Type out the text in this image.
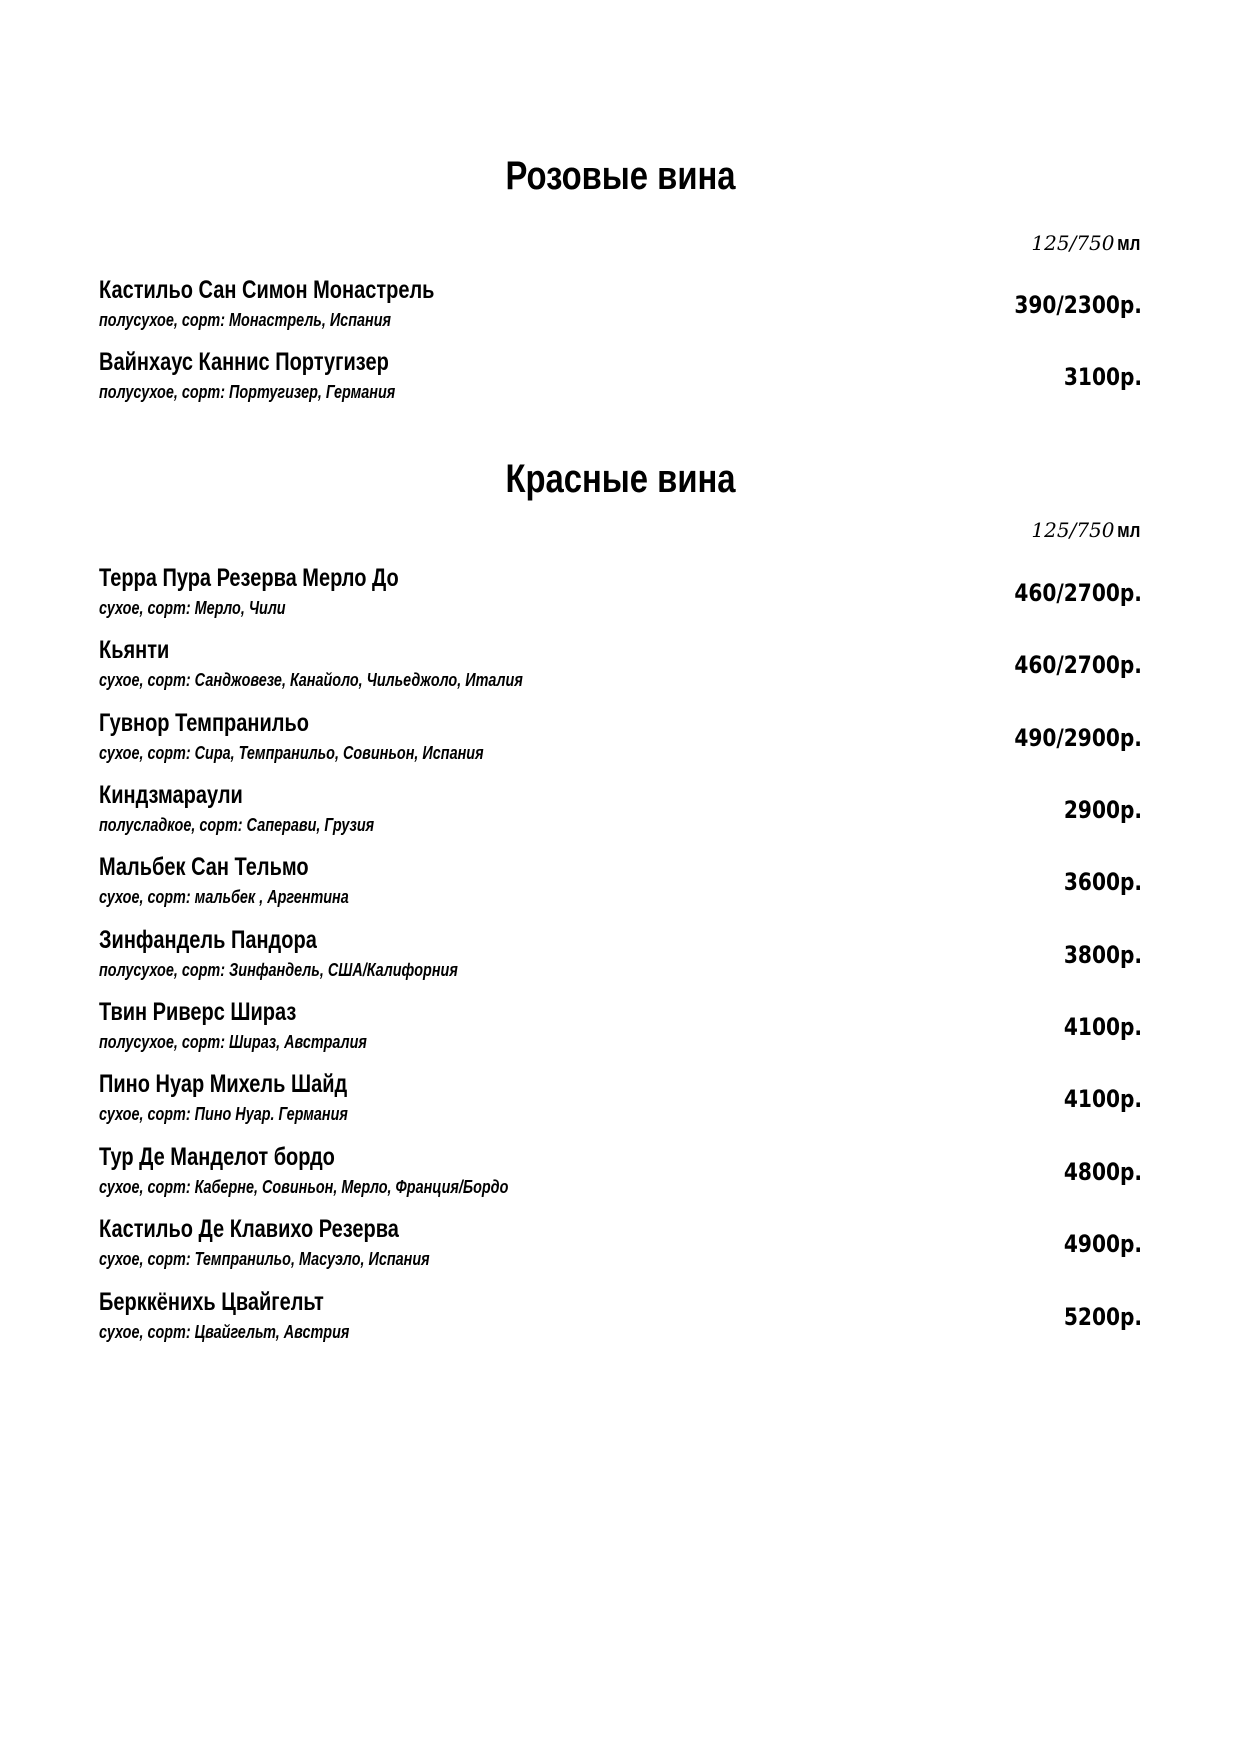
Розовые вина
125/750 мл
Кастильо Сан Симон Монастрель
полусухое, сорт: Монастрель, Испания
390/2300р.
Вайнхаус Каннис Португизер
полусухое, сорт: Португизер, Германия
3100р.
Красные вина
125/750 мл
Терра Пура Резерва Мерло До
сухое, сорт: Мерло, Чили
460/2700р.
Кьянти
сухое, сорт: Санджовезе, Канайоло, Чильеджоло, Италия
460/2700р.
Гувнор Темпранильо
сухое, сорт: Сира, Темпранильо, Совиньон, Испания
490/2900р.
Киндзмараули
полусладкое, сорт: Саперави, Грузия
2900р.
Мальбек Сан Тельмо
сухое, сорт: мальбек , Аргентина
3600р.
Зинфандель Пандора
полусухое, сорт: Зинфандель, США/Калифорния
3800р.
Твин Риверс Шираз
полусухое, сорт: Шираз, Австралия
4100р.
Пино Нуар Михель Шайд
сухое, сорт: Пино Нуар. Германия
4100р.
Тур Де Манделот бордо
сухое, сорт: Каберне, Совиньон, Мерло, Франция/Бордо
4800р.
Кастильо Де Клавихо Резерва
сухое, сорт: Темпранильо, Масуэло, Испания
4900р.
Берккёнихь Цвайгельт
сухое, сорт: Цвайгельт, Австрия
5200р.
